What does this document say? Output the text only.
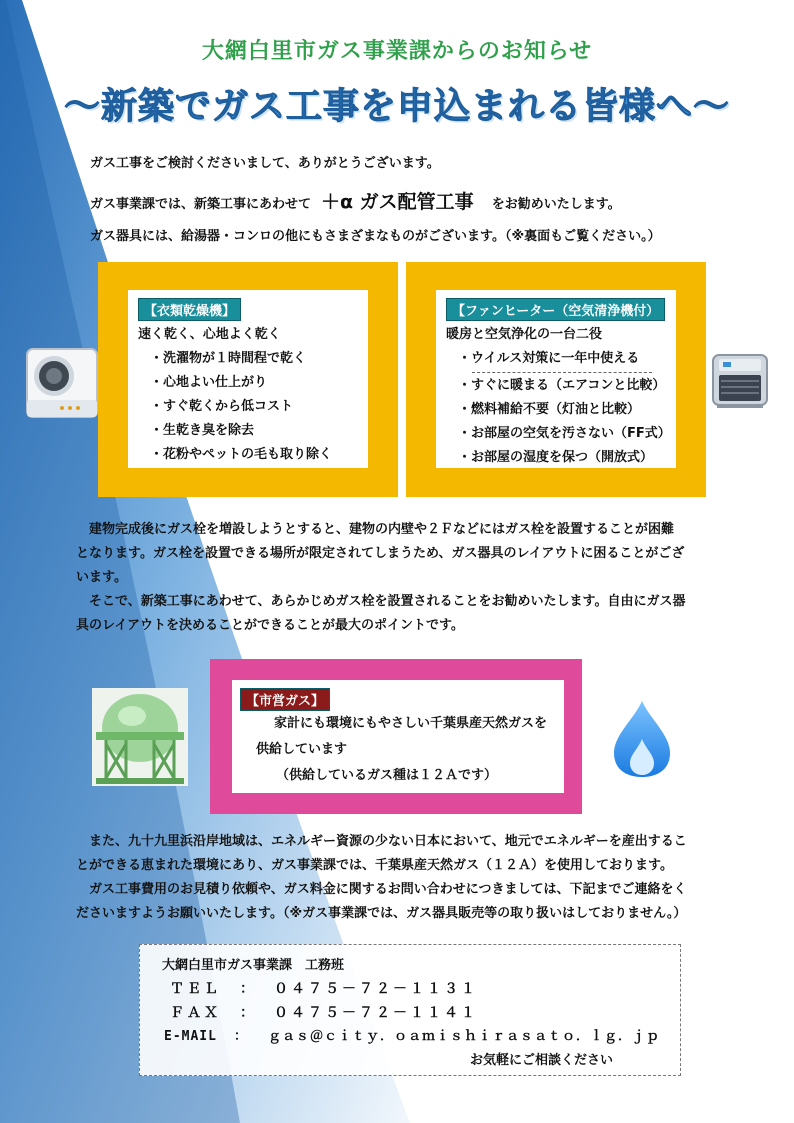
大網白里市ガス事業課からのお知らせ
～新築でガス工事を申込まれる皆様へ～
ガス工事をご検討くださいまして、ありがとうございます。
ガス事業課では、新築工事にあわせて ＋α ガス配管工事 をお勧めいたします。
ガス器具には、給湯器・コンロの他にもさまざまなものがございます。（※裏面もご覧ください。）
【衣類乾燥機】
速く乾く、心地よく乾く
・洗濯物が１時間程で乾く
・心地よい仕上がり
・すぐ乾くから低コスト
・生乾き臭を除去
・花粉やペットの毛も取り除く
【ファンヒーター（空気清浄機付）
暖房と空気浄化の一台二役
・ウイルス対策に一年中使える
・すぐに暖まる（エアコンと比較）
・燃料補給不要（灯油と比較）
・お部屋の空気を汚さない（FF式）
・お部屋の湿度を保つ（開放式）
　建物完成後にガス栓を増設しようとすると、建物の内壁や２Ｆなどにはガス栓を設置することが困難
となります。ガス栓を設置できる場所が限定されてしまうため、ガス器具のレイアウトに困ることがござ
います。
　そこで、新築工事にあわせて、あらかじめガス栓を設置されることをお勧めいたします。自由にガス器
具のレイアウトを決めることができることが最大のポイントです。
【市営ガス】
家計にも環境にもやさしい千葉県産天然ガスを
供給しています
（供給しているガス種は１２Ａです）
　また、九十九里浜沿岸地域は、エネルギー資源の少ない日本において、地元でエネルギーを産出するこ
とができる恵まれた環境にあり、ガス事業課では、千葉県産天然ガス（１２Ａ）を使用しております。
　ガス工事費用のお見積り依頼や、ガス料金に関するお問い合わせにつきましては、下記までご連絡をく
ださいますようお願いいたします。（※ガス事業課では、ガス器具販売等の取り扱いはしておりません。）
大網白里市ガス事業課　工務班
ＴＥＬ ： ０４７５－７２－１１３１
ＦＡＸ ： ０４７５－７２－１１４１
E-MAIL ： ｇａｓ＠ｃｉｔｙ．ｏａｍｉｓｈｉｒａｓａｔｏ．ｌｇ．ｊｐ
お気軽にご相談ください
